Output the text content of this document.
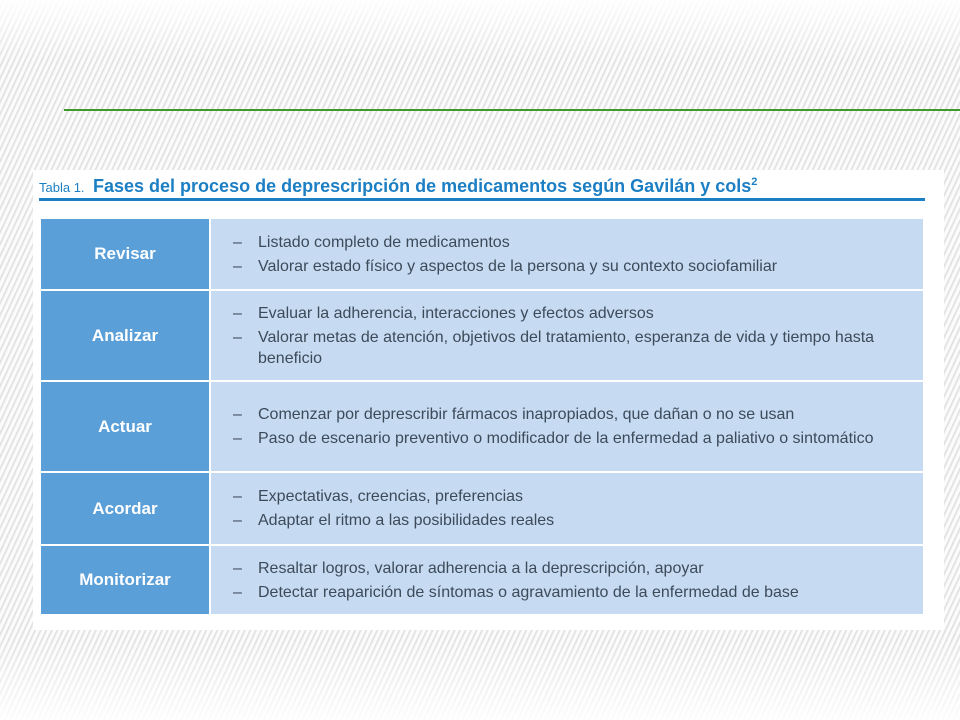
Tabla 1. Fases del proceso de deprescripción de medicamentos según Gavilán y cols$^2$
Revisar	– Listado completo de medicamentos
– Valorar estado físico y aspectos de la persona y su contexto sociofamiliar

Analizar	– Evaluar la adherencia, interacciones y efectos adversos
– Valorar metas de atención, objetivos del tratamiento, esperanza de vida y tiempo hasta beneficio

Actuar	– Comenzar por deprescribir fármacos inapropiados, que dañan o no se usan
– Paso de escenario preventivo o modificador de la enfermedad a paliativo o sintomático

Acordar	– Expectativas, creencias, preferencias
– Adaptar el ritmo a las posibilidades reales

Monitorizar	– Resaltar logros, valorar adherencia a la deprescripción, apoyar
– Detectar reaparición de síntomas o agravamiento de la enfermedad de base
